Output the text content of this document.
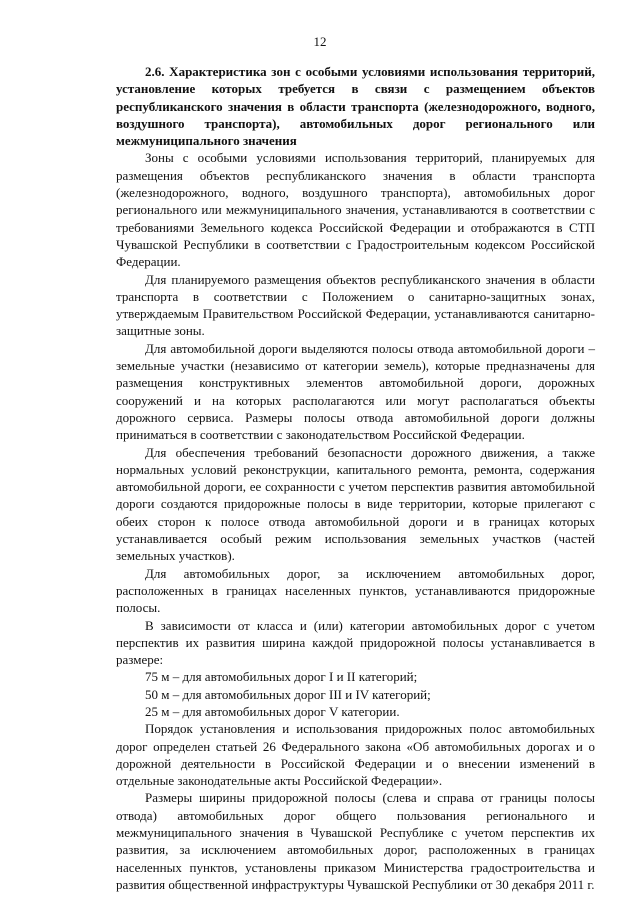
12

2.6. Характеристика зон с особыми условиями использования территорий, установление которых требуется в связи с размещением объектов республиканского значения в области транспорта (железнодорожного, водного, воздушного транспорта), автомобильных дорог регионального или межмуниципального значения

Зоны с особыми условиями использования территорий, планируемых для размещения объектов республиканского значения в области транспорта (железнодорожного, водного, воздушного транспорта), автомобильных дорог регионального или межмуниципального значения, устанавливаются в соответствии с требованиями Земельного кодекса Российской Федерации и отображаются в СТП Чувашской Республики в соответствии с Градостроительным кодексом Российской Федерации.

Для планируемого размещения объектов республиканского значения в области транспорта в соответствии с Положением о санитарно-защитных зонах, утверждаемым Правительством Российской Федерации, устанавливаются санитарно-защитные зоны.

Для автомобильной дороги выделяются полосы отвода автомобильной дороги – земельные участки (независимо от категории земель), которые предназначены для размещения конструктивных элементов автомобильной дороги, дорожных сооружений и на которых располагаются или могут располагаться объекты дорожного сервиса. Размеры полосы отвода автомобильной дороги должны приниматься в соответствии с законодательством Российской Федерации.

Для обеспечения требований безопасности дорожного движения, а также нормальных условий реконструкции, капитального ремонта, ремонта, содержания автомобильной дороги, ее сохранности с учетом перспектив развития автомобильной дороги создаются придорожные полосы в виде территории, которые прилегают с обеих сторон к полосе отвода автомобильной дороги и в границах которых устанавливается особый режим использования земельных участков (частей земельных участков).

Для автомобильных дорог, за исключением автомобильных дорог, расположенных в границах населенных пунктов, устанавливаются придорожные полосы.

В зависимости от класса и (или) категории автомобильных дорог с учетом перспектив их развития ширина каждой придорожной полосы устанавливается в размере:

75 м – для автомобильных дорог I и II категорий;

50 м – для автомобильных дорог III и IV категорий;

25 м – для автомобильных дорог V категории.

Порядок установления и использования придорожных полос автомобильных дорог определен статьей 26 Федерального закона «Об автомобильных дорогах и о дорожной деятельности в Российской Федерации и о внесении изменений в отдельные законодательные акты Российской Федерации».

Размеры ширины придорожной полосы (слева и справа от границы полосы отвода) автомобильных дорог общего пользования регионального и межмуниципального значения в Чувашской Республике с учетом перспектив их развития, за исключением автомобильных дорог, расположенных в границах населенных пунктов, установлены приказом Министерства градостроительства и развития общественной инфраструктуры Чувашской Республики от 30 декабря 2011 г.
